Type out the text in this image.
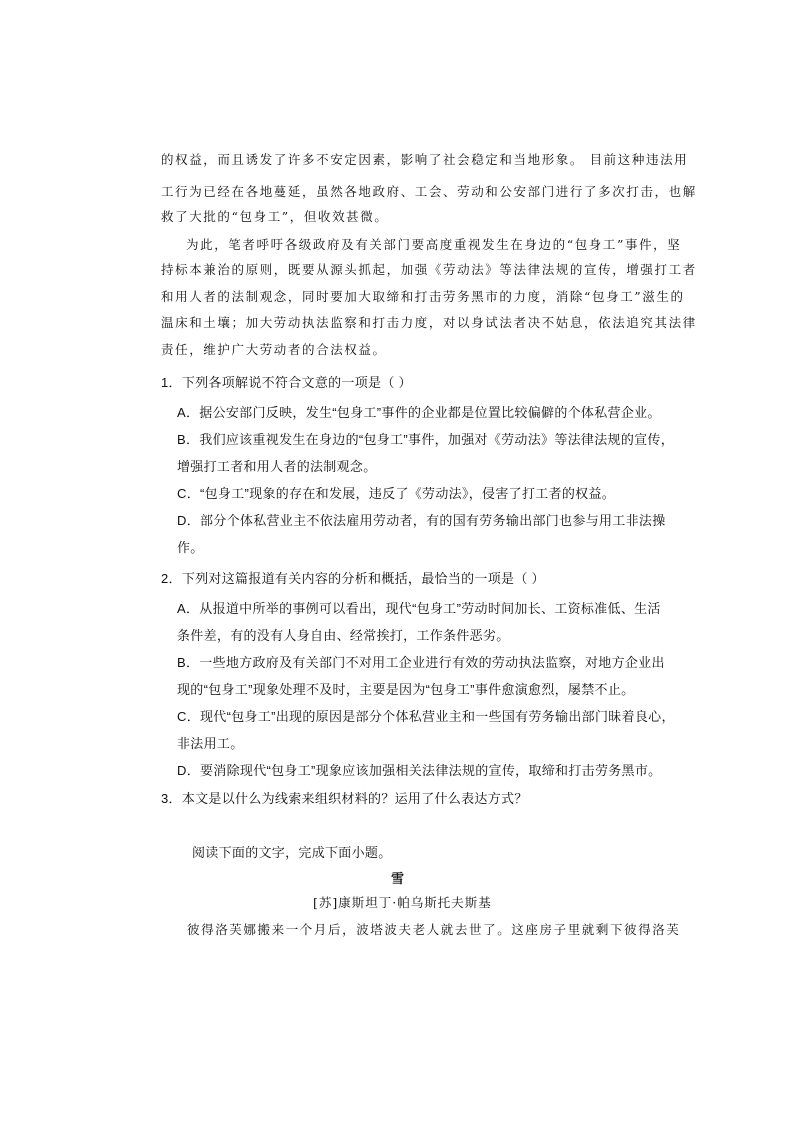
的权益，而且诱发了许多不安定因素，影响了社会稳定和当地形象。 目前这种违法用
工行为已经在各地蔓延，虽然各地政府、工会、劳动和公安部门进行了多次打击，也解
救了大批的“包身工”，但收效甚微。
为此，笔者呼吁各级政府及有关部门要高度重视发生在身边的“包身工”事件，坚
持标本兼治的原则，既要从源头抓起，加强《劳动法》等法律法规的宣传，增强打工者
和用人者的法制观念，同时要加大取缔和打击劳务黑市的力度，消除“包身工”滋生的
温床和土壤；加大劳动执法监察和打击力度，对以身试法者决不姑息，依法追究其法律
责任，维护广大劳动者的合法权益。
1．下列各项解说不符合文意的一项是（ ）
A．据公安部门反映，发生“包身工”事件的企业都是位置比较偏僻的个体私营企业。
B．我们应该重视发生在身边的“包身工”事件，加强对《劳动法》等法律法规的宣传，
增强打工者和用人者的法制观念。
C．“包身工”现象的存在和发展，违反了《劳动法》，侵害了打工者的权益。
D．部分个体私营业主不依法雇用劳动者，有的国有劳务输出部门也参与用工非法操
作。
2．下列对这篇报道有关内容的分析和概括，最恰当的一项是（ ）
A．从报道中所举的事例可以看出，现代“包身工”劳动时间加长、工资标准低、生活
条件差，有的没有人身自由、经常挨打，工作条件恶劣。
B．一些地方政府及有关部门不对用工企业进行有效的劳动执法监察，对地方企业出
现的“包身工”现象处理不及时，主要是因为“包身工”事件愈演愈烈，屡禁不止。
C．现代“包身工”出现的原因是部分个体私营业主和一些国有劳务输出部门昧着良心，
非法用工。
D．要消除现代“包身工”现象应该加强相关法律法规的宣传，取缔和打击劳务黑市。
3．本文是以什么为线索来组织材料的？运用了什么表达方式？
阅读下面的文字，完成下面小题。
雪
[苏]康斯坦丁·帕乌斯托夫斯基
彼得洛芙娜搬来一个月后，波塔波夫老人就去世了。这座房子里就剩下彼得洛芙
